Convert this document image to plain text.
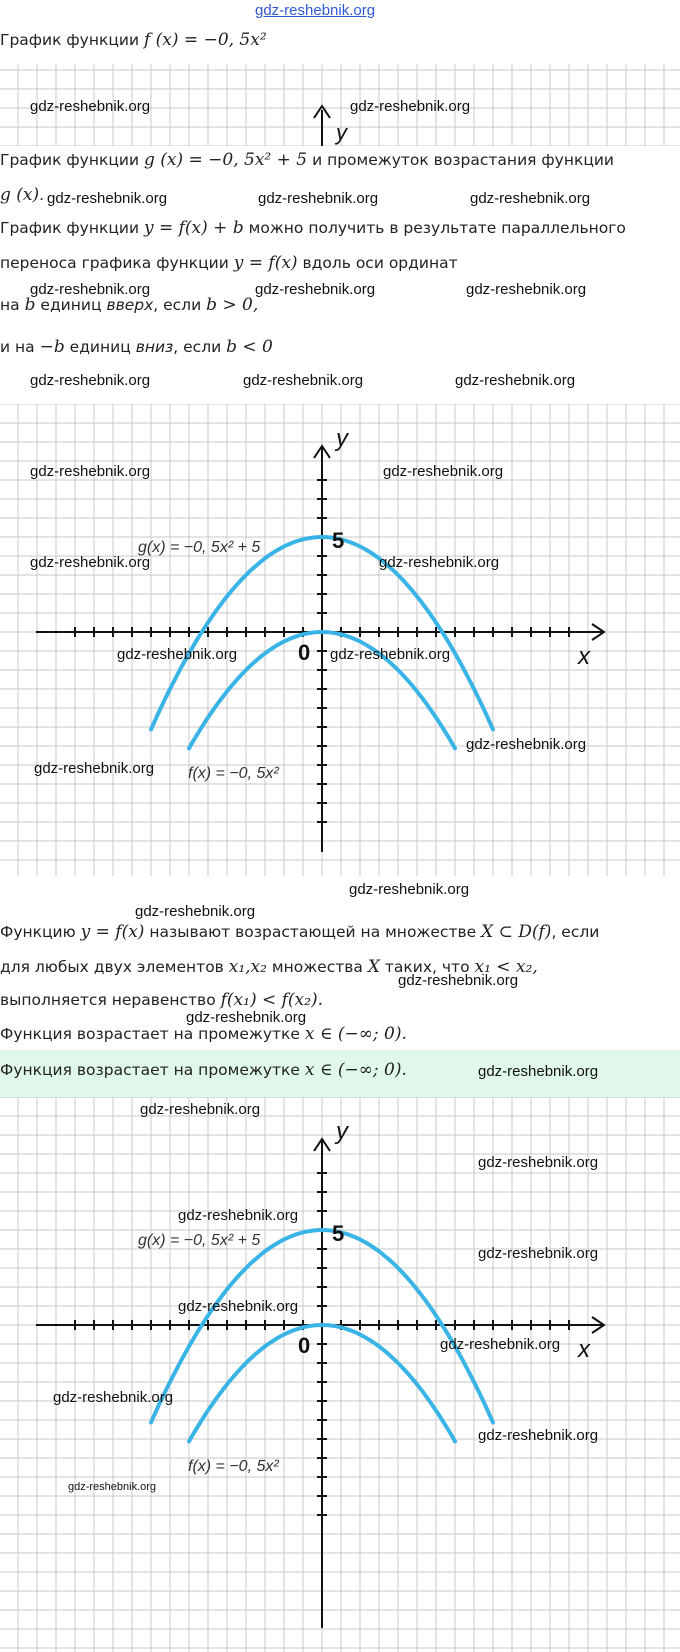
gdz-reshebnik.org
График функции f (x) = −0, 5x²
y
График функции g (x) = −0, 5x² + 5 и промежуток возрастания функции
g (x).
График функции y = f(x) + b можно получить в результате параллельного
переноса графика функции y = f(x) вдоль оси ординат
на b единиц вверх, если b > 0,
и на −b единиц вниз, если b < 0
y
x
0
5
g(x) = −0, 5x² + 5
f(x) = −0, 5x²
Функцию y = f(x) называют возрастающей на множестве X ⊂ D(f), если
для любых двух элементов x₁,x₂ множества X таких, что x₁ < x₂,
выполняется неравенство f(x₁) < f(x₂).
Функция возрастает на промежутке x ∈ (−∞; 0).
Функция возрастает на промежутке x ∈ (−∞; 0).
y
x
0
5
g(x) = −0, 5x² + 5
f(x) = −0, 5x²
gdz-reshebnik.org	gdz-reshebnik.org
gdz-reshebnik.org	gdz-reshebnik.org	gdz-reshebnik.org
gdz-reshebnik.org	gdz-reshebnik.org	gdz-reshebnik.org
gdz-reshebnik.org	gdz-reshebnik.org	gdz-reshebnik.org
gdz-reshebnik.org	gdz-reshebnik.org
gdz-reshebnik.org	gdz-reshebnik.org
gdz-reshebnik.org	gdz-reshebnik.org
gdz-reshebnik.org
gdz-reshebnik.org
gdz-reshebnik.org
gdz-reshebnik.org
gdz-reshebnik.org
gdz-reshebnik.org
gdz-reshebnik.org
gdz-reshebnik.org
gdz-reshebnik.org
gdz-reshebnik.org
gdz-reshebnik.org
gdz-reshebnik.org
gdz-reshebnik.org
gdz-reshebnik.org
gdz-reshebnik.org
gdz-reshebnik.org
